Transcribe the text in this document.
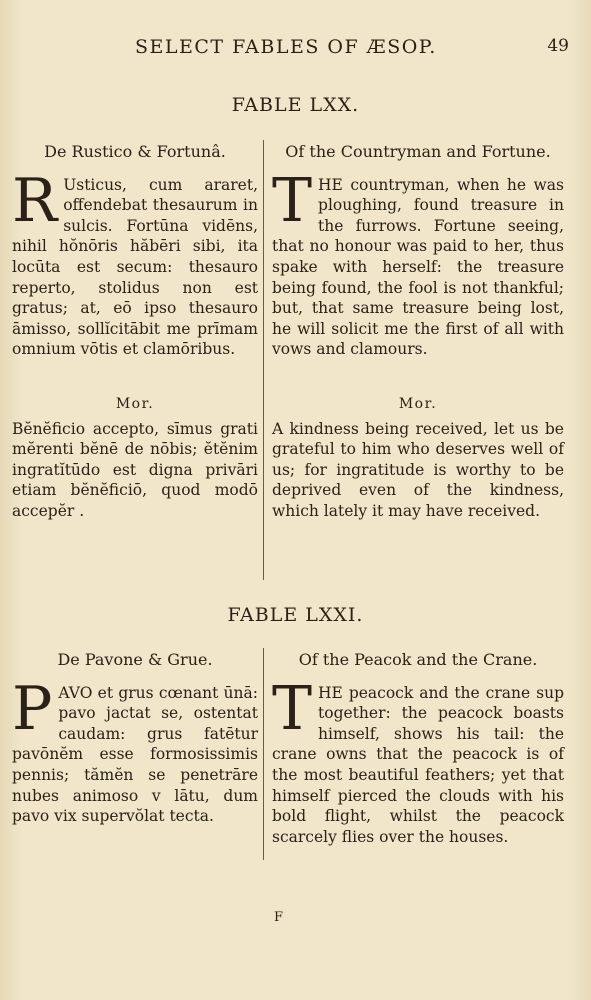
SELECT FABLES OF ÆSOP.	49
FABLE LXX.
De Rustico & Fortunâ.

R Usticus, cum araret, offendebat thesaurum in sulcis. Fortūna vidēns, nihil hŏnōris hăbēri sibi, ita locūta est secum: thesauro reperto, stolidus non est gratus; at, eō ipso thesauro āmisso, sollĭcitābit me prīmam omnium vōtis et clamōribus.

Mor.

Bĕnĕficio accepto, sīmus grati mĕrenti bĕnē de nōbis; ĕtĕnim ingratĭtūdo est digna privāri etiam bĕnĕficiō, quod modō accepĕr .

Of the Countryman and Fortune.

THE countryman, when he was ploughing, found treasure in the furrows. Fortune seeing, that no honour was paid to her, thus spake with herself: the treasure being found, the fool is not thankful; but, that same treasure being lost, he will solicit me the first of all with vows and clamours.

Mor.

A kindness being received, let us be grateful to him who deserves well of us; for ingratitude is worthy to be deprived even of the kindness, which lately it may have received.

FABLE LXXI.
De Pavone & Grue.

PAVO et grus cœnant ūnā: pavo jactat se, ostentat caudam: grus fatētur pavōnĕm esse formosissimis pennis; tămĕn se penetrāre nubes animoso v lātu, dum pavo vix supervŏlat tecta.

Of the Peacok and the Crane.

THE peacock and the crane sup together: the peacock boasts himself, shows his tail: the crane owns that the peacock is of the most beautiful feathers; yet that himself pierced the clouds with his bold flight, whilst the peacock scarcely flies over the houses.

F
